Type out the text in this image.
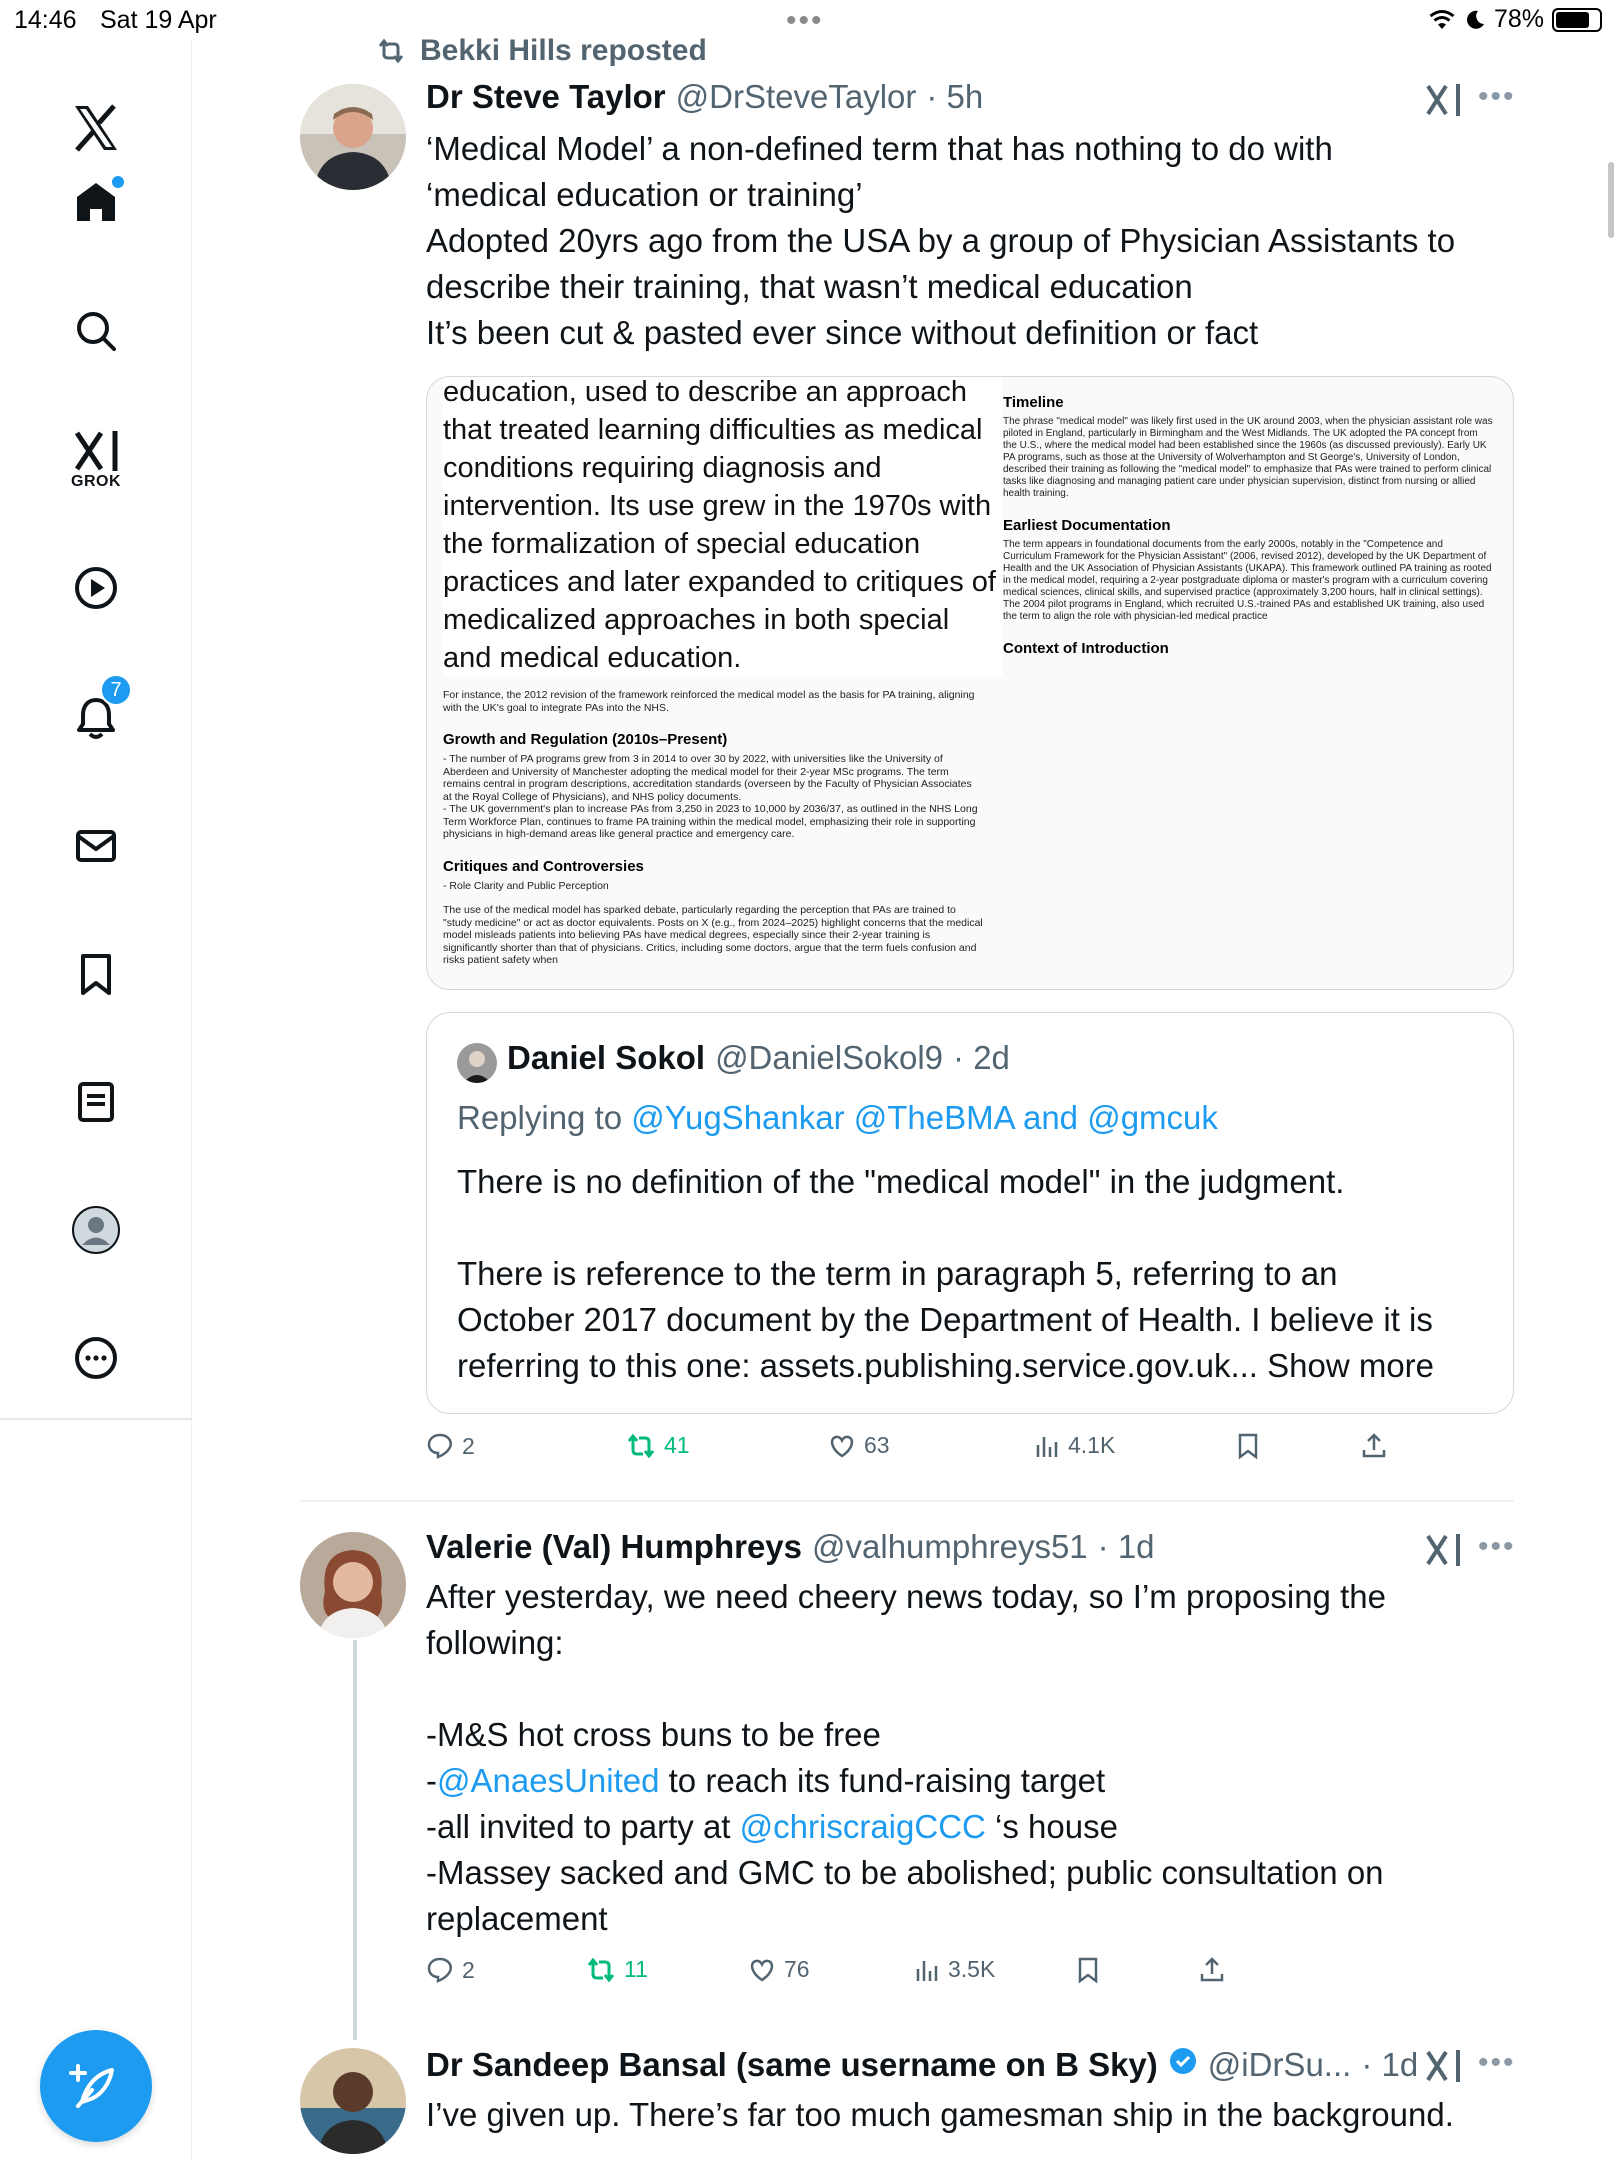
14:46 Sat 19 Apr	•••	78%
GROK
7
Bekki Hills reposted
Dr Steve Taylor @DrSteveTaylor · 5h	•••

‘Medical Model’ a non-defined term that has nothing to do with

‘medical education or training’

Adopted 20yrs ago from the USA by a group of Physician Assistants to

describe their training, that wasn’t medical education

It’s been cut & pasted ever since without definition or fact

Timeline
The phrase "medical model" was likely first used in the UK around 2003, when the physician assistant role was piloted in England, particularly in Birmingham and the West Midlands. The UK adopted the PA concept from the U.S., where the medical model had been established since the 1960s (as discussed previously). Early UK PA programs, such as those at the University of Wolverhampton and St George's, University of London, described their training as following the "medical model" to emphasize that PAs were trained to perform clinical tasks like diagnosing and managing patient care under physician supervision, distinct from nursing or allied health training.
Earliest Documentation
The term appears in foundational documents from the early 2000s, notably in the "Competence and Curriculum Framework for the Physician Assistant" (2006, revised 2012), developed by the UK Department of Health and the UK Association of Physician Assistants (UKAPA). This framework outlined PA training as rooted in the medical model, requiring a 2-year postgraduate diploma or master's program with a curriculum covering medical sciences, clinical skills, and supervised practice (approximately 3,200 hours, half in clinical settings). The 2004 pilot programs in England, which recruited U.S.-trained PAs and established UK training, also used the term to align the role with physician-led medical practice
Context of Introduction
For instance, the 2012 revision of the framework reinforced the medical model as the basis for PA training, aligning with the UK's goal to integrate PAs into the NHS.
Growth and Regulation (2010s–Present)
- The number of PA programs grew from 3 in 2014 to over 30 by 2022, with universities like the University of Aberdeen and University of Manchester adopting the medical model for their 2-year MSc programs. The term remains central in program descriptions, accreditation standards (overseen by the Faculty of Physician Associates at the Royal College of Physicians), and NHS policy documents.
- The UK government's plan to increase PAs from 3,250 in 2023 to 10,000 by 2036/37, as outlined in the NHS Long Term Workforce Plan, continues to frame PA training within the medical model, emphasizing their role in supporting physicians in high-demand areas like general practice and emergency care.
Critiques and Controversies
- Role Clarity and Public Perception
The use of the medical model has sparked debate, particularly regarding the perception that PAs are trained to "study medicine" or act as doctor equivalents. Posts on X (e.g., from 2024–2025) highlight concerns that the medical model misleads patients into believing PAs have medical degrees, especially since their 2-year training is significantly shorter than that of physicians. Critics, including some doctors, argue that the term fuels confusion and risks patient safety when
education, used to describe an approach that treated learning difficulties as medical conditions requiring diagnosis and intervention. Its use grew in the 1970s with the formalization of special education practices and later expanded to critiques of medicalized approaches in both special and medical education.
Daniel Sokol @DanielSokol9 · 2d
Replying to @YugShankar @TheBMA and @gmcuk

There is no definition of the "medical model" in the judgment.

There is reference to the term in paragraph 5, referring to an

October 2017 document by the Department of Health. I believe it is

referring to this one: assets.publishing.service.gov.uk... Show more

2	41	63	4.1K
Valerie (Val) Humphreys @valhumphreys51 · 1d	•••

After yesterday, we need cheery news today, so I’m proposing the

following:

-M&S hot cross buns to be free

-@AnaesUnited to reach its fund-raising target

-all invited to party at @chriscraigCCC ‘s house

-Massey sacked and GMC to be abolished; public consultation on

replacement

2	11	76	3.5K
Dr Sandeep Bansal (same username on B Sky) @iDrSu... · 1d •••

I’ve given up. There’s far too much gamesman ship in the background.
